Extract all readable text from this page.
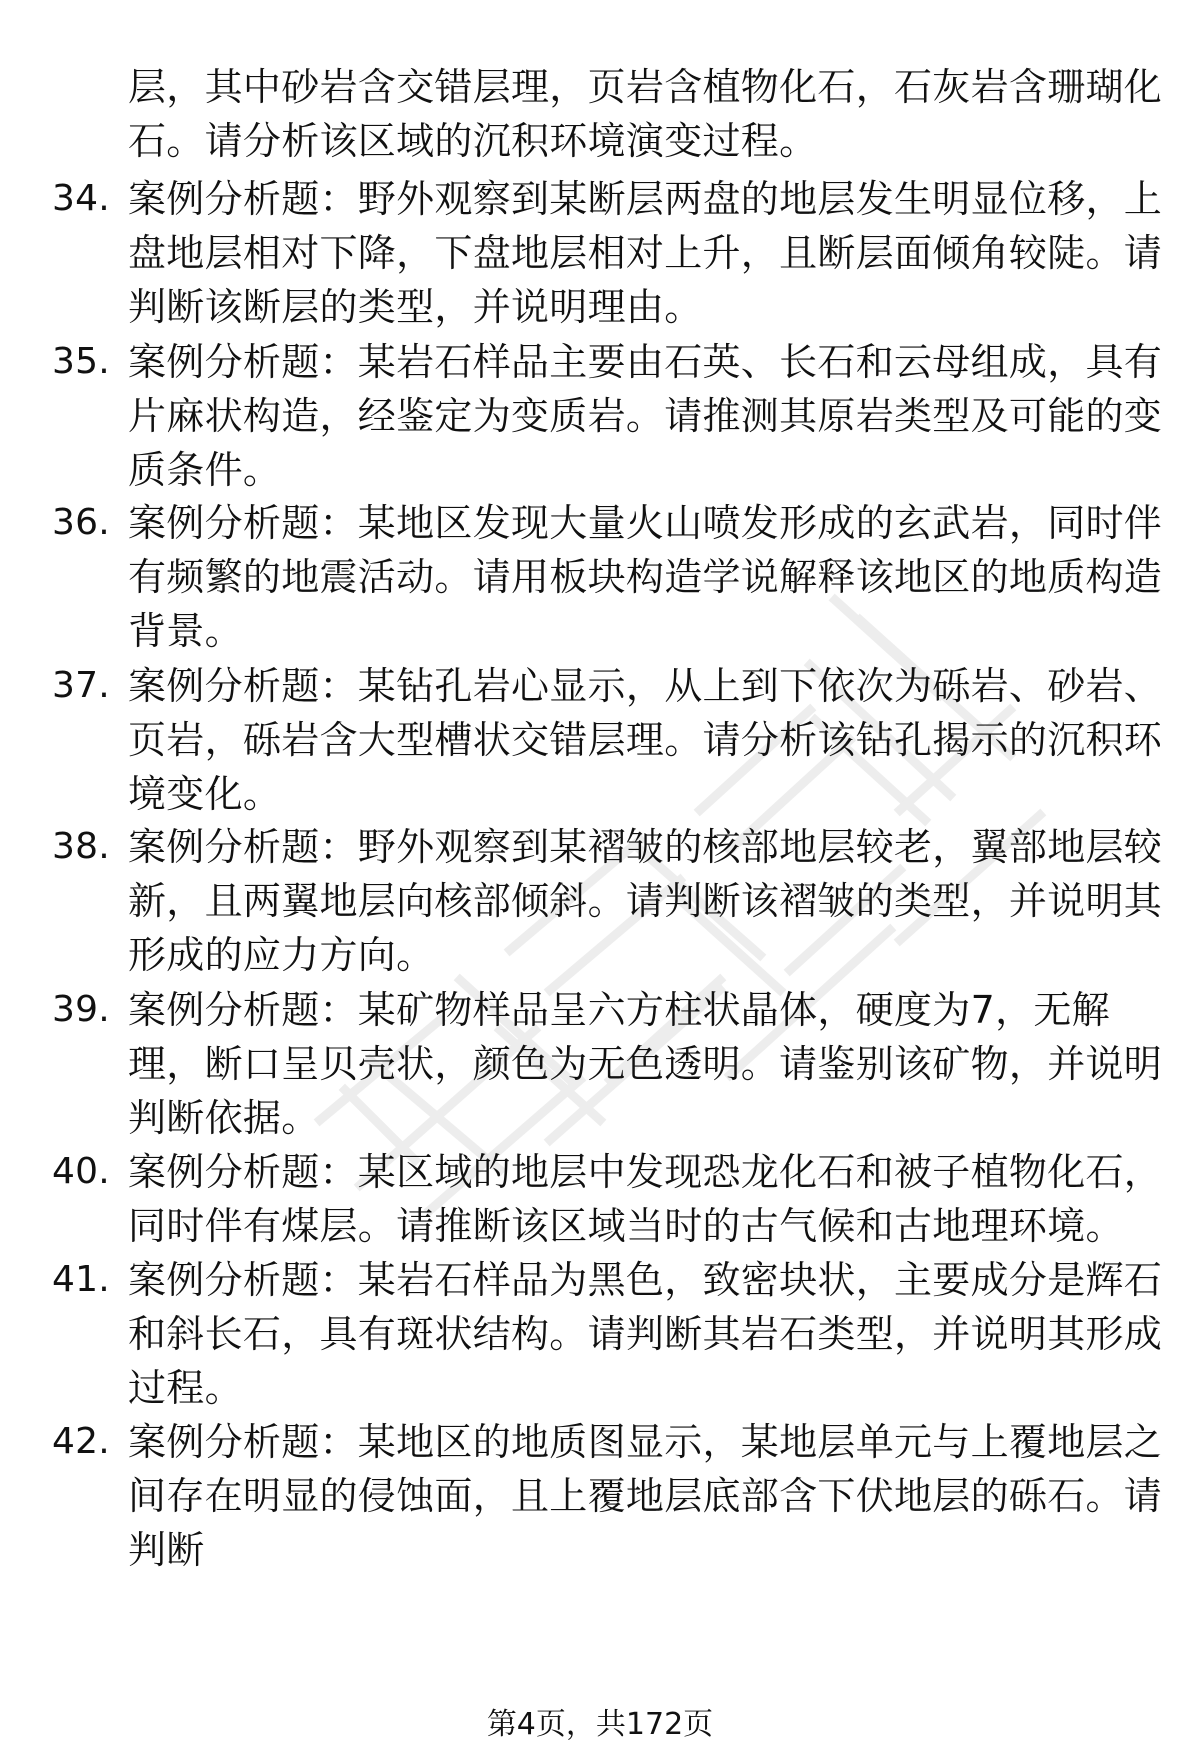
层，其中砂岩含交错层理，页岩含植物化石，石灰岩含珊瑚化石。请分析该区域的沉积环境演变过程。

34. 案例分析题：野外观察到某断层两盘的地层发生明显位移，上盘地层相对下降，下盘地层相对上升，且断层面倾角较陡。请判断该断层的类型，并说明理由。
35. 案例分析题：某岩石样品主要由石英、长石和云母组成，具有片麻状构造，经鉴定为变质岩。请推测其原岩类型及可能的变质条件。
36. 案例分析题：某地区发现大量火山喷发形成的玄武岩，同时伴有频繁的地震活动。请用板块构造学说解释该地区的地质构造背景。
37. 案例分析题：某钻孔岩心显示，从上到下依次为砾岩、砂岩、页岩，砾岩含大型槽状交错层理。请分析该钻孔揭示的沉积环境变化。
38. 案例分析题：野外观察到某褶皱的核部地层较老，翼部地层较新，且两翼地层向核部倾斜。请判断该褶皱的类型，并说明其形成的应力方向。
39. 案例分析题：某矿物样品呈六方柱状晶体，硬度为7，无解理，断口呈贝壳状，颜色为无色透明。请鉴别该矿物，并说明判断依据。
40. 案例分析题：某区域的地层中发现恐龙化石和被子植物化石，同时伴有煤层。请推断该区域当时的古气候和古地理环境。
41. 案例分析题：某岩石样品为黑色，致密块状，主要成分是辉石和斜长石，具有斑状结构。请判断其岩石类型，并说明其形成过程。
42. 案例分析题：某地区的地质图显示，某地层单元与上覆地层之间存在明显的侵蚀面，且上覆地层底部含下伏地层的砾石。请判断
第4页，共172页
